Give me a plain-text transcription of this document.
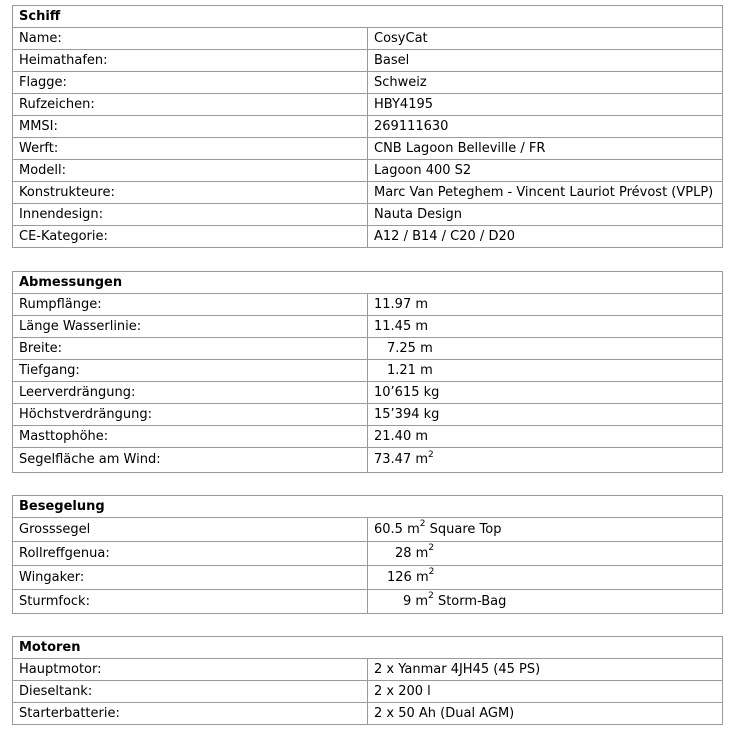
Schiff	
Name:	CosyCat
Heimathafen:	Basel
Flagge:	Schweiz
Rufzeichen:	HBY4195
MMSI:	269111630
Werft:	CNB Lagoon Belleville / FR
Modell:	Lagoon 400 S2
Konstrukteure:	Marc Van Peteghem - Vincent Lauriot Prévost (VPLP)
Innendesign:	Nauta Design
CE-Kategorie:	A12 / B14 / C20 / D20
Abmessungen	
Rumpflänge:	11.97 m
Länge Wasserlinie:	11.45 m
Breite:	7.25 m
Tiefgang:	1.21 m
Leerverdrängung:	10’615 kg
Höchstverdrängung:	15’394 kg
Masttophöhe:	21.40 m
Segelfläche am Wind:	73.47 $m^2$
Besegelung	
Grosssegel	60.5 $m^2$ Square Top
Rollreffgenua:	28 $m^2$
Wingaker:	126 $m^2$
Sturmfock:	9 $m^2$ Storm-Bag
Motoren	
Hauptmotor:	2 x Yanmar 4JH45 (45 PS)
Dieseltank:	2 x 200 l
Starterbatterie:	2 x 50 Ah (Dual AGM)
